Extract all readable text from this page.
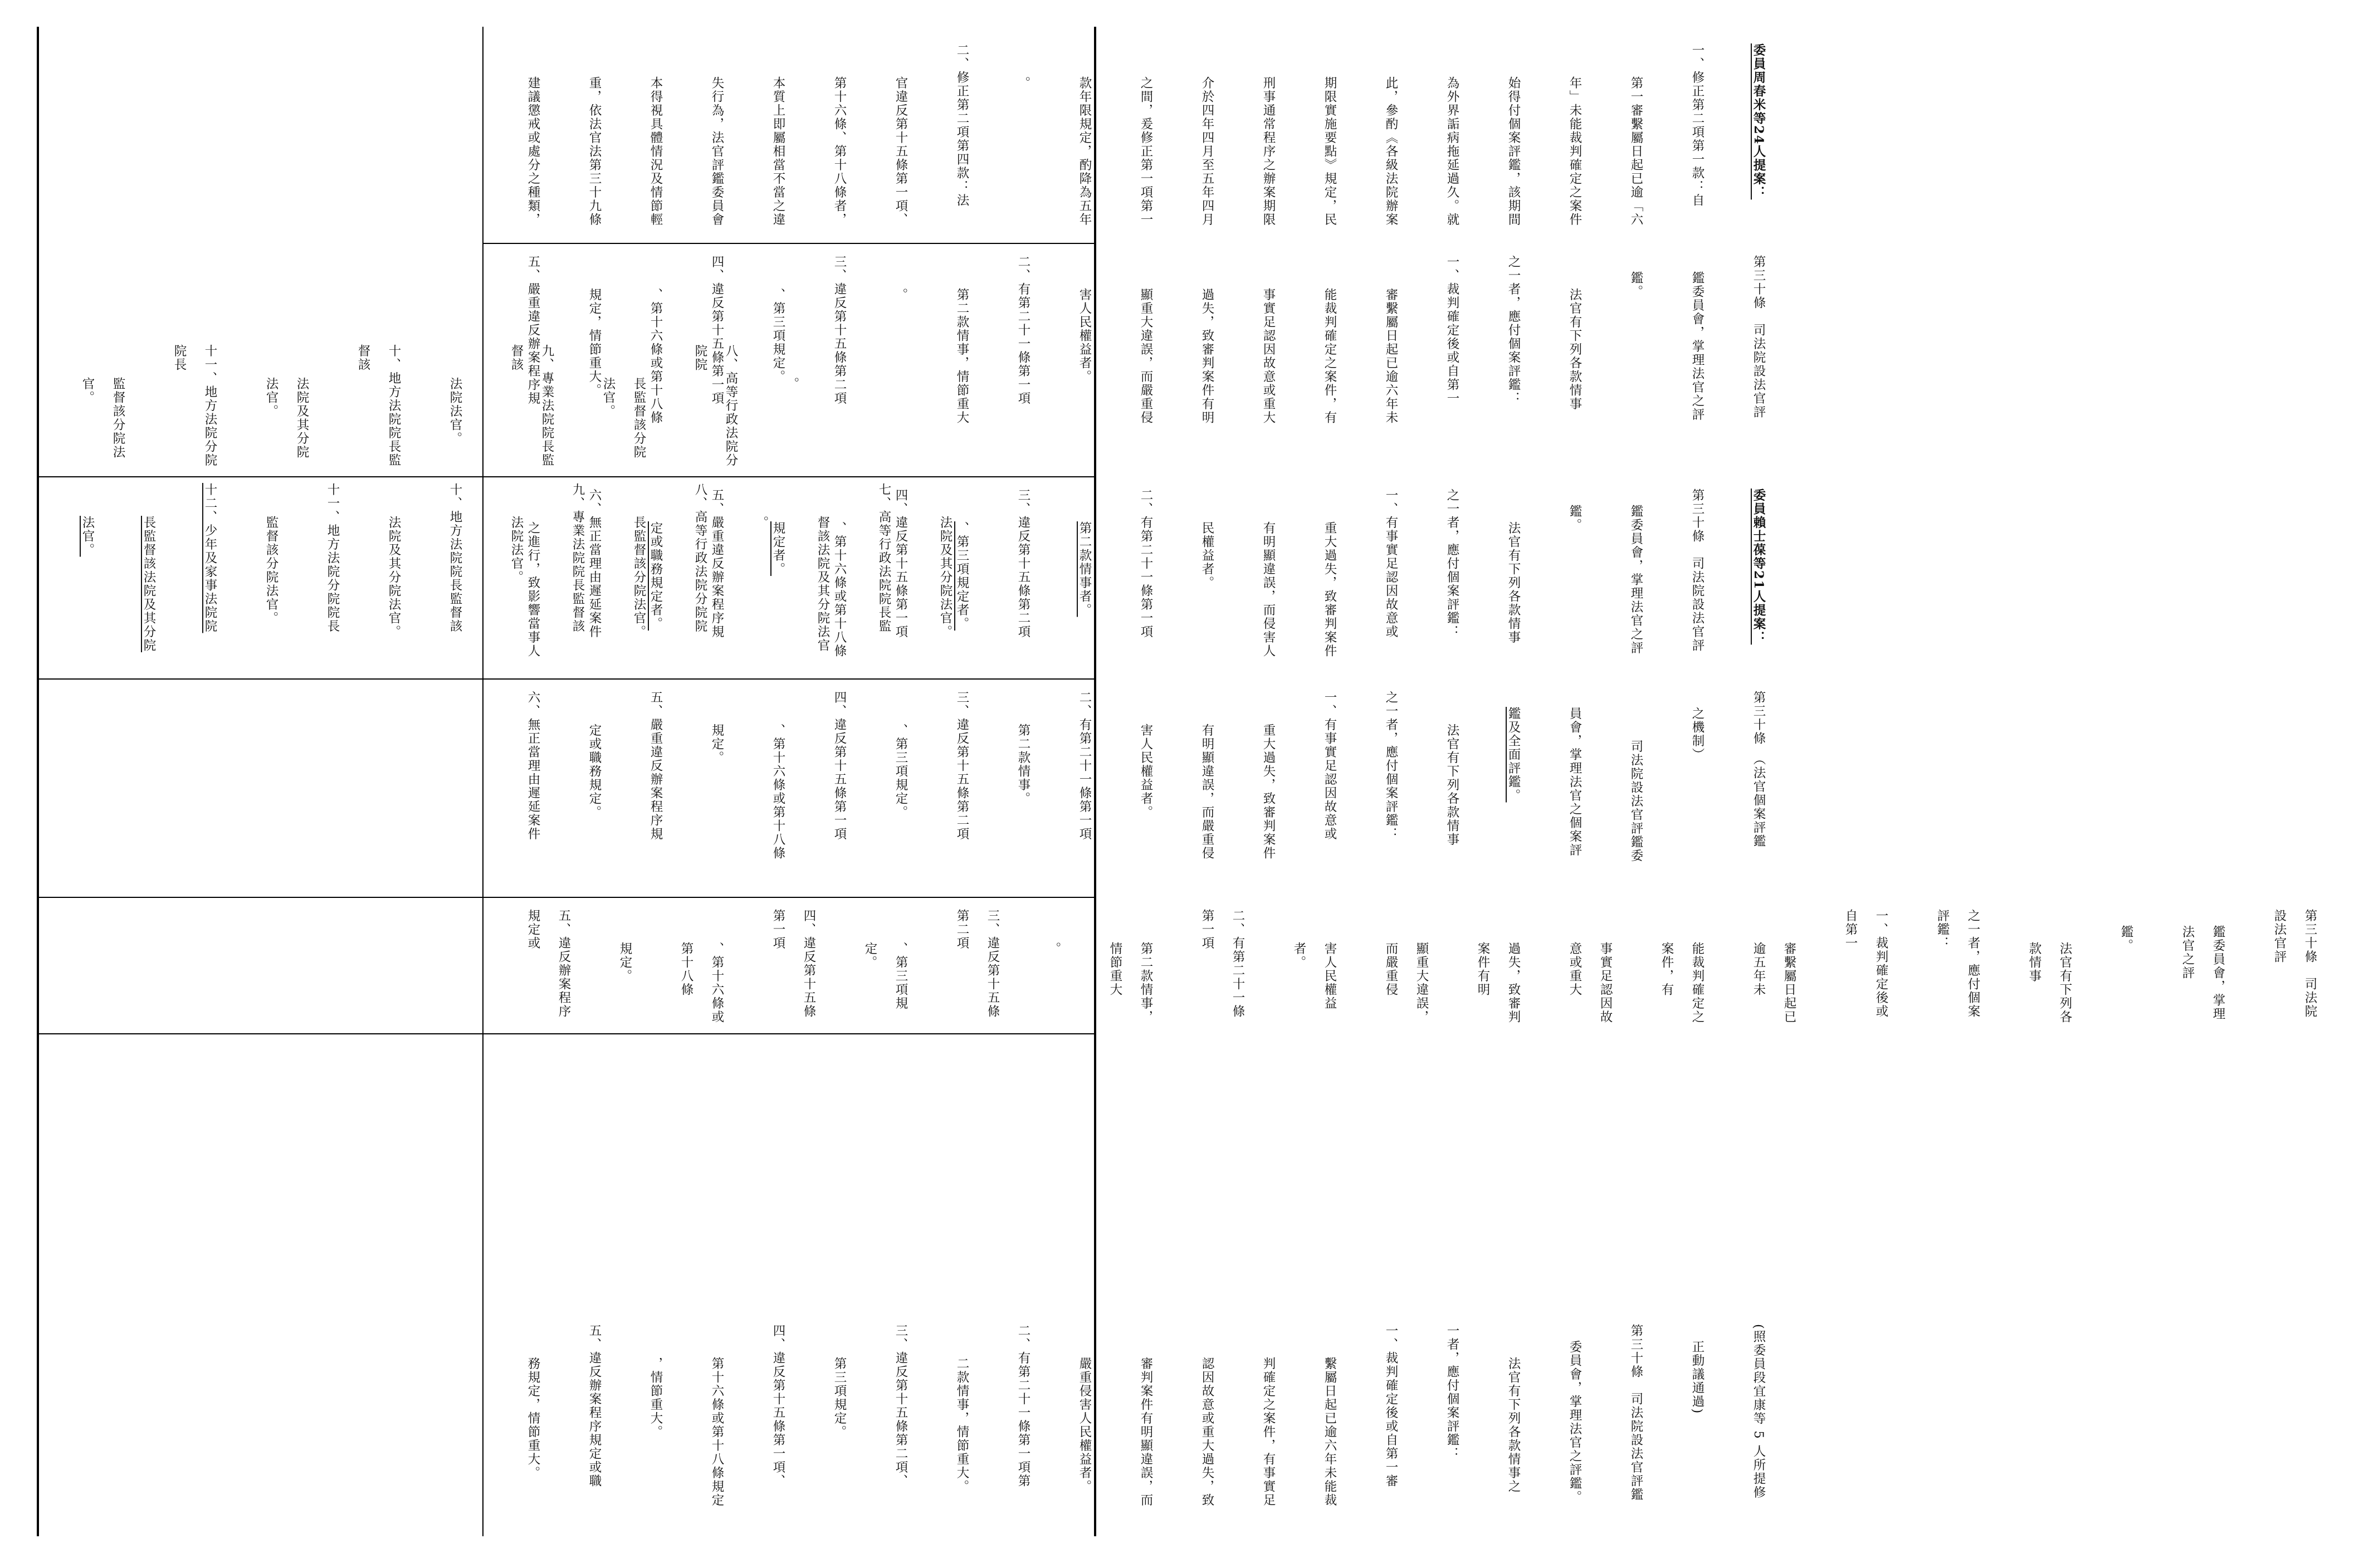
委員周春米等24人提案：

一、修正第二項第一款：自

第一審繫屬日起已逾「六

年」未能裁判確定之案件

始得付個案評鑑，該期間

為外界詬病拖延過久。就

此，參酌《各級法院辦案

期限實施要點》規定，民

刑事通常程序之辦案期限

介於四年四月至五年四月

之間，爰修正第一項第一

款年限規定，酌降為五年

。

二、修正第二項第四款：法

官違反第十五條第一項、

第十六條、第十八條者，

本質上即屬相當不當之違

失行為，法官評鑑委員會

本得視具體情況及情節輕

重，依法官法第三十九條

建議懲戒或處分之種類，

第三十條　司法院設法官評

鑑委員會，掌理法官之評

鑑。

法官有下列各款情事

之一者，應付個案評鑑：

一、裁判確定後或自第一

審繫屬日起已逾六年未

能裁判確定之案件，有

事實足認因故意或重大

過失，致審判案件有明

顯重大違誤，而嚴重侵

害人民權益者。

二、有第二十一條第一項

第二款情事，情節重大

。

三、違反第十五條第二項

、第三項規定。

四、違反第十五條第一項

、第十六條或第十八條

規定，情節重大。

五、嚴重違反辦案程序規	。

八、高等行政法院分院院

長監督該分院法官。

九、專業法院院長監督該

法院法官。

十、地方法院院長監督該

法院及其分院法官。

十一、地方法院分院院長

監督該分院法官。

委員賴士葆等21人提案：

第三十條　司法院設法官評

鑑委員會，掌理法官之評

鑑。

法官有下列各款情事

之一者，應付個案評鑑：

一、有事實足認因故意或

重大過失，致審判案件

有明顯違誤，而侵害人

民權益者。

二、有第二十一條第一項

第二款情事者。

三、違反第十五條第二項

、第三項規定者。

四、違反第十五條第一項

、第十六條或第十八條

規定者。

五、嚴重違反辦案程序規

定或職務規定者。

六、無正當理由遲延案件

之進行，致影響當事人	法院及其分院法官。

七、高等行政法院院長監

督該法院及其分院法官

。

八、高等行政法院分院院

長監督該分院法官。

九、專業法院院長監督該

法院法官。

十、地方法院院長監督該

法院及其分院法官。

十一、地方法院分院院長

監督該分院法官。

十二、少年及家事法院院

長監督該法院及其分院

法官。

第三十條　（法官個案評鑑

之機制）

司法院設法官評鑑委

員會，掌理法官之個案評

鑑及全面評鑑。

法官有下列各款情事

之一者，應付個案評鑑：

一、有事實足認因故意或

重大過失，致審判案件

有明顯違誤，而嚴重侵

害人民權益者。

二、有第二十一條第一項

第二款情事。

三、違反第十五條第二項

、第三項規定。

四、違反第十五條第一項

、第十六條或第十八條

規定。

五、嚴重違反辦案程序規

定或職務規定。

六、無正當理由遲延案件

第三十條　司法院設法官評

鑑委員會，掌理法官之評

鑑。

法官有下列各款情事

之一者，應付個案評鑑：

一、裁判確定後或自第一

審繫屬日起已逾五年未

能裁判確定之案件，有

事實足認因故意或重大

過失，致審判案件有明

顯重大違誤，而嚴重侵

害人民權益者。

二、有第二十一條第一項

第二款情事，情節重大

。

三、違反第十五條第二項

、第三項規定。

四、違反第十五條第一項

、第十六條或第十八條

規定。

五、違反辦案程序規定或

(照委員段宜康等 5 人所提修

正動議通過)

第三十條　司法院設法官評鑑

委員會，掌理法官之評鑑。

法官有下列各款情事之

一者，應付個案評鑑：

一、裁判確定後或自第一審

繫屬日起已逾六年未能裁

判確定之案件，有事實足

認因故意或重大過失，致

審判案件有明顯違誤，而

嚴重侵害人民權益者。

二、有第二十一條第一項第

二款情事，情節重大。

三、違反第十五條第二項、

第三項規定。

四、違反第十五條第一項、

第十六條或第十八條規定

，情節重大。

五、違反辦案程序規定或職

務規定，情節重大。
